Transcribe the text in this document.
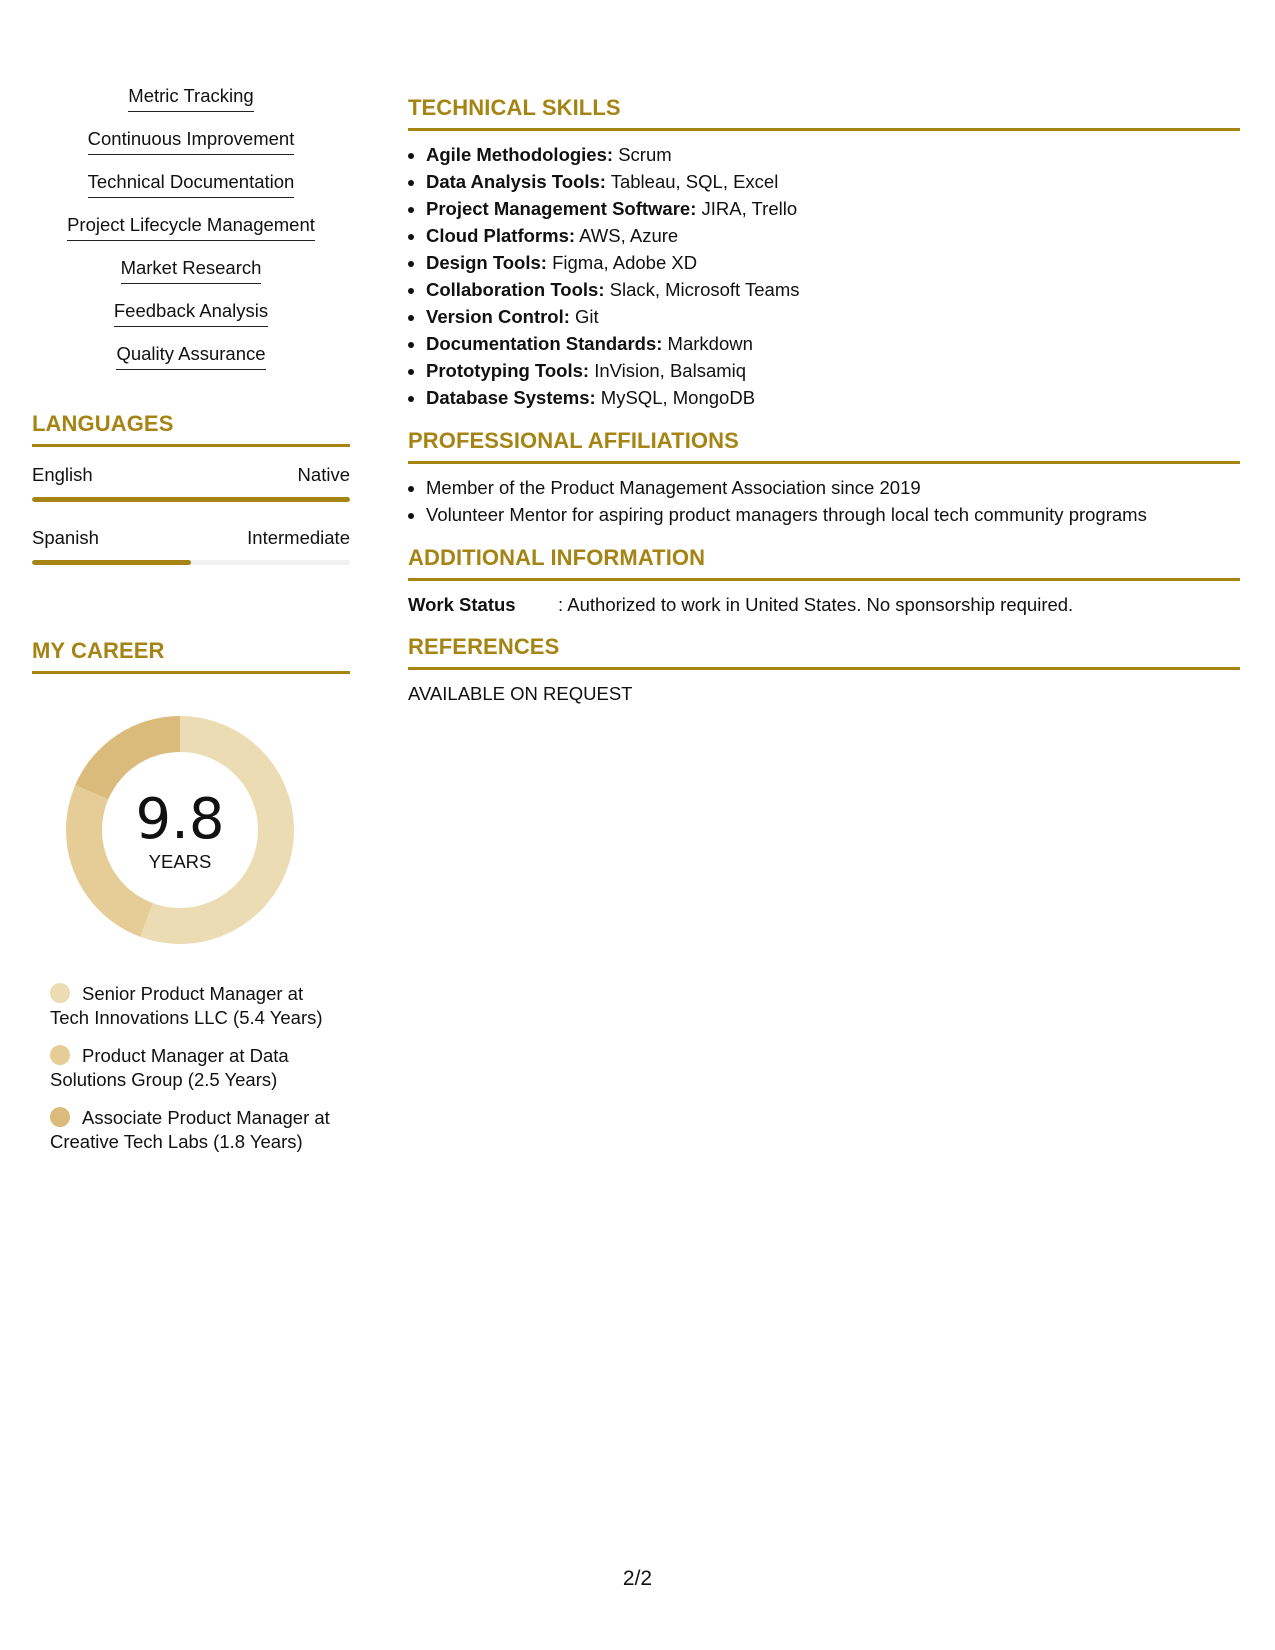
Metric Tracking
Continuous Improvement
Technical Documentation
Project Lifecycle Management
Market Research
Feedback Analysis
Quality Assurance
LANGUAGES
English	Native
Spanish	Intermediate
MY CAREER
9.8
YEARS
Senior Product Manager at Tech Innovations LLC (5.4 Years)
Product Manager at Data Solutions Group (2.5 Years)
Associate Product Manager at Creative Tech Labs (1.8 Years)
TECHNICAL SKILLS
• Agile Methodologies: Scrum
• Data Analysis Tools: Tableau, SQL, Excel
• Project Management Software: JIRA, Trello
• Cloud Platforms: AWS, Azure
• Design Tools: Figma, Adobe XD
• Collaboration Tools: Slack, Microsoft Teams
• Version Control: Git
• Documentation Standards: Markdown
• Prototyping Tools: InVision, Balsamiq
• Database Systems: MySQL, MongoDB
PROFESSIONAL AFFILIATIONS
• Member of the Product Management Association since 2019
• Volunteer Mentor for aspiring product managers through local tech community programs
ADDITIONAL INFORMATION
Work Status	: Authorized to work in United States. No sponsorship required.
REFERENCES
AVAILABLE ON REQUEST
2/2
